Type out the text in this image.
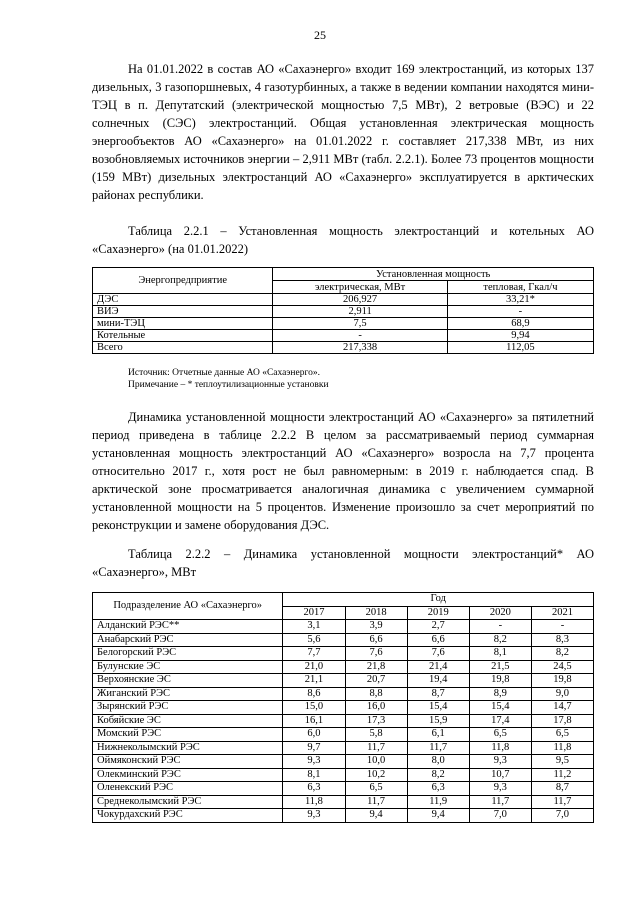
25

На 01.01.2022 в состав АО «Сахаэнерго» входит 169 электростанций, из которых 137 дизельных, 3 газопоршневых, 4 газотурбинных, а также в ведении компании находятся мини-ТЭЦ в п. Депутатский (электрической мощностью 7,5 МВт), 2 ветровые (ВЭС) и 22 солнечных (СЭС) электростанций. Общая установленная электрическая мощность энергообъектов АО «Сахаэнерго» на 01.01.2022 г. составляет 217,338 МВт, из них возобновляемых источников энергии – 2,911 МВт (табл. 2.2.1). Более 73 процентов мощности (159 МВт) дизельных электростанций АО «Сахаэнерго» эксплуатируется в арктических районах республики.

Таблица 2.2.1 – Установленная мощность электростанций и котельных АО «Сахаэнерго» (на 01.01.2022)

Энергопредприятие	Установленная мощность	
	электрическая, МВт	тепловая, Гкал/ч
ДЭС	206,927	33,21*
ВИЭ	2,911	-
мини-ТЭЦ	7,5	68,9
Котельные	-	9,94
Всего	217,338	112,05
Источник: Отчетные данные АО «Сахаэнерго».
Примечание – * теплоутилизационные установки

Динамика установленной мощности электростанций АО «Сахаэнерго» за пятилетний период приведена в таблице 2.2.2 В целом за рассматриваемый период суммарная установленная мощность электростанций АО «Сахаэнерго» возросла на 7,7 процента относительно 2017 г., хотя рост не был равномерным: в 2019 г. наблюдается спад. В арктической зоне просматривается аналогичная динамика с увеличением суммарной установленной мощности на 5 процентов. Изменение произошло за счет мероприятий по реконструкции и замене оборудования ДЭС.

Таблица 2.2.2 – Динамика установленной мощности электростанций* АО «Сахаэнерго», МВт

Подразделение АО «Сахаэнерго»	Год				
	2017	2018	2019	2020	2021
Алданский РЭС**	3,1	3,9	2,7	-	-
Анабарский РЭС	5,6	6,6	6,6	8,2	8,3
Белогорский РЭС	7,7	7,6	7,6	8,1	8,2
Булунские ЭС	21,0	21,8	21,4	21,5	24,5
Верхоянские ЭС	21,1	20,7	19,4	19,8	19,8
Жиганский РЭС	8,6	8,8	8,7	8,9	9,0
Зырянский РЭС	15,0	16,0	15,4	15,4	14,7
Кобяйские ЭС	16,1	17,3	15,9	17,4	17,8
Момский РЭС	6,0	5,8	6,1	6,5	6,5
Нижнеколымский РЭС	9,7	11,7	11,7	11,8	11,8
Оймяконский РЭС	9,3	10,0	8,0	9,3	9,5
Олекминский РЭС	8,1	10,2	8,2	10,7	11,2
Оленекский РЭС	6,3	6,5	6,3	9,3	8,7
Среднеколымский РЭС	11,8	11,7	11,9	11,7	11,7
Чокурдахский РЭС	9,3	9,4	9,4	7,0	7,0
